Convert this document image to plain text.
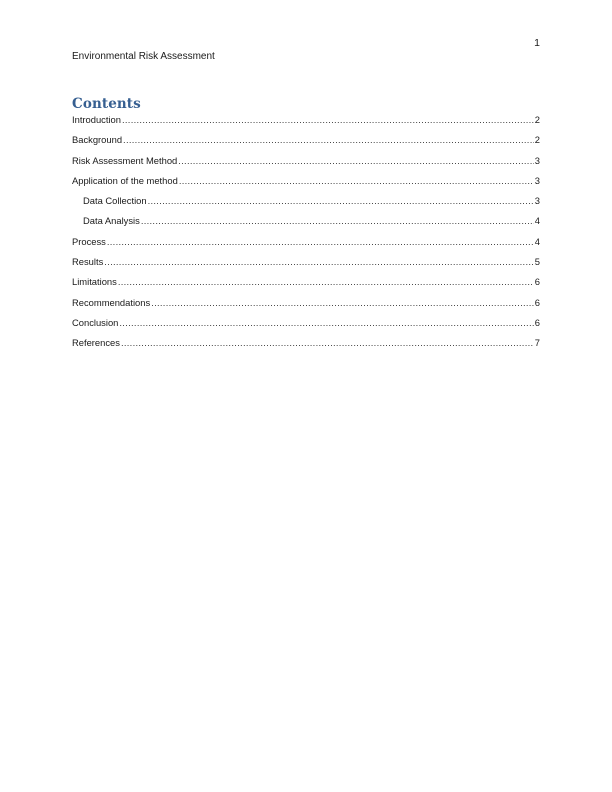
1
Environmental Risk Assessment
Contents
Introduction .....	2
Background .....	2
Risk Assessment Method .....	3
Application of the method .....	3
Data Collection .....	3
Data Analysis .....	4
Process .....	4
Results .....	5
Limitations .....	6
Recommendations .....	6
Conclusion .....	6
References .....	7
